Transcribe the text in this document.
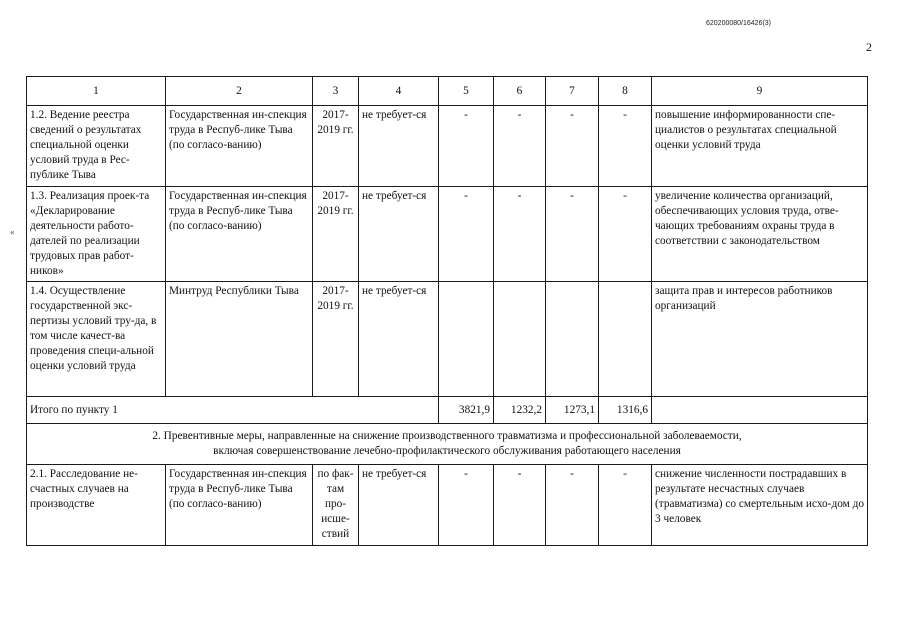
620200080/16426(3)
2
«
1	2	3	4	5	6	7	8	9
1.2. Ведение реестра сведений о результатах специальной оценки условий труда в Рес-публике Тыва	Государственная ин-спекция труда в Респуб-лике Тыва (по согласо-ванию)	2017-2019 гг.	не требует-ся	-	-	-	-	повышение информированности спе-циалистов о результатах специальной оценки условий труда
1.3. Реализация проек-та «Декларирование деятельности работо-дателей по реализации трудовых прав работ-ников»	Государственная ин-спекция труда в Респуб-лике Тыва (по согласо-ванию)	2017-2019 гг.	не требует-ся	-	-	-	-	увеличение количества организаций, обеспечивающих условия труда, отве-чающих требованиям охраны труда в соответствии с законодательством
1.4. Осуществление государственной экс-пертизы условий тру-да, в том числе качест-ва проведения специ-альной оценки условий труда	Минтруд Республики Тыва	2017-2019 гг.	не требует-ся					защита прав и интересов работников организаций
Итого по пункту 1				3821,9	1232,2	1273,1	1316,6	

2. Превентивные меры, направленные на снижение производственного травматизма и профессиональной заболеваемости,
включая совершенствование лечебно-профилактического обслуживания работающего населения								

2.1. Расследование не-счастных случаев на производстве	Государственная ин-спекция труда в Респуб-лике Тыва (по согласо-ванию)	по фак-там про-исше-ствий	не требует-ся	-	-	-	-	снижение численности пострадавших в результате несчастных случаев (травматизма) со смертельным исхо-дом до 3 человек
